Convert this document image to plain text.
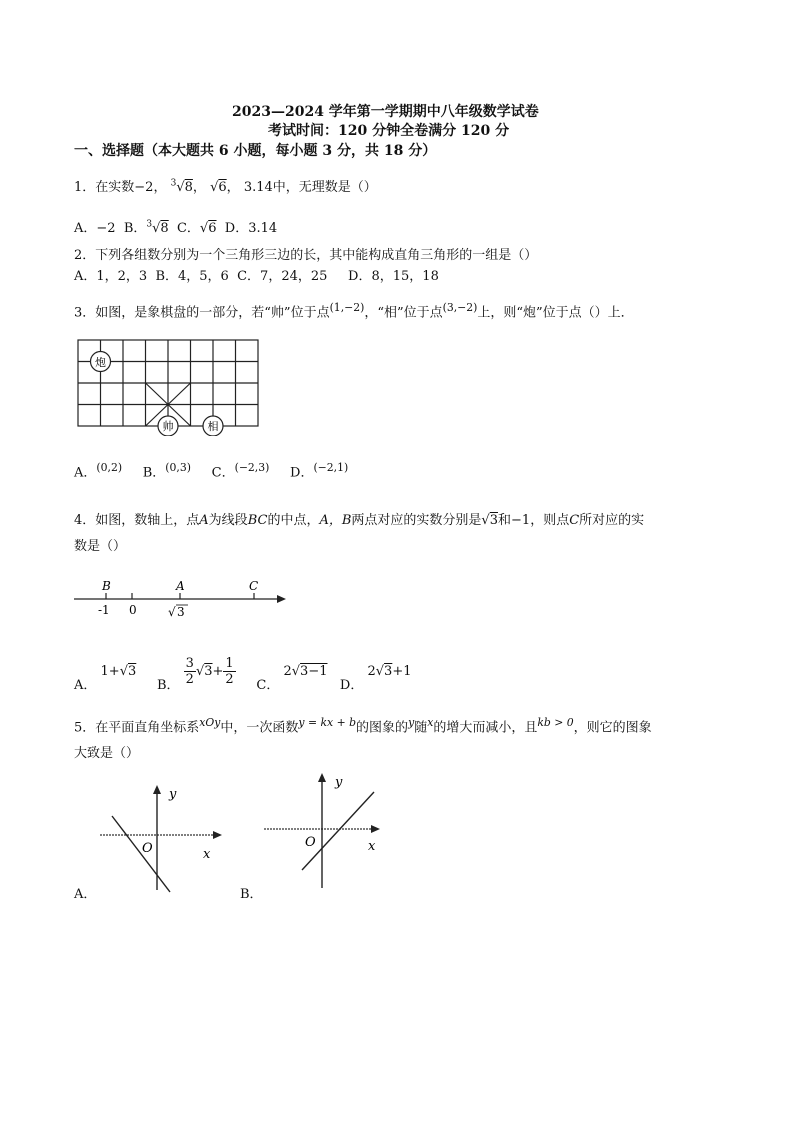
2023—2024 学年第一学期期中八年级数学试卷
考试时间：120 分钟全卷满分 120 分
一、选择题（本大题共 6 小题，每小题 3 分，共 18 分）
1．在实数−2， $^3$√8， √6， 3.14中，无理数是（）
A．−2 B．$^3$√8 C．√6 D．3.14
2．下列各组数分别为一个三角形三边的长，其中能构成直角三角形的一组是（）
A．1，2，3  B．4，5，6  C．7，24，25     D．8，15，18
3．如图，是象棋盘的一部分，若“帅”位于点$^{(1,-2)}$，“相”位于点$^{(3,-2)}$上，则“炮”位于点（）上．
炮
帅	相
A．$^{(0,2)}$ B．$^{(0,3)}$ C．$^{(-2,3)}$ D．$^{(-2,1)}$
4．如图，数轴上，点A为线段BC的中点，A，B两点对应的实数分别是√3和−1，则点C所对应的实
数是（）
B	A	C
-1 0	√ 3
A． 1+√3     B． $\frac{3}{2} √3+ \frac{1}{2}$ C． 2√3−1   D． 2√3+1
5．在平面直角坐标系$^{xOy}$中，一次函数$^{y = kx + b}$的图象的$^y$随$^x$的增大而减小，且$^{kb > 0}$，则它的图象
大致是（）
y
x
O
A．
y
x
O
B．
